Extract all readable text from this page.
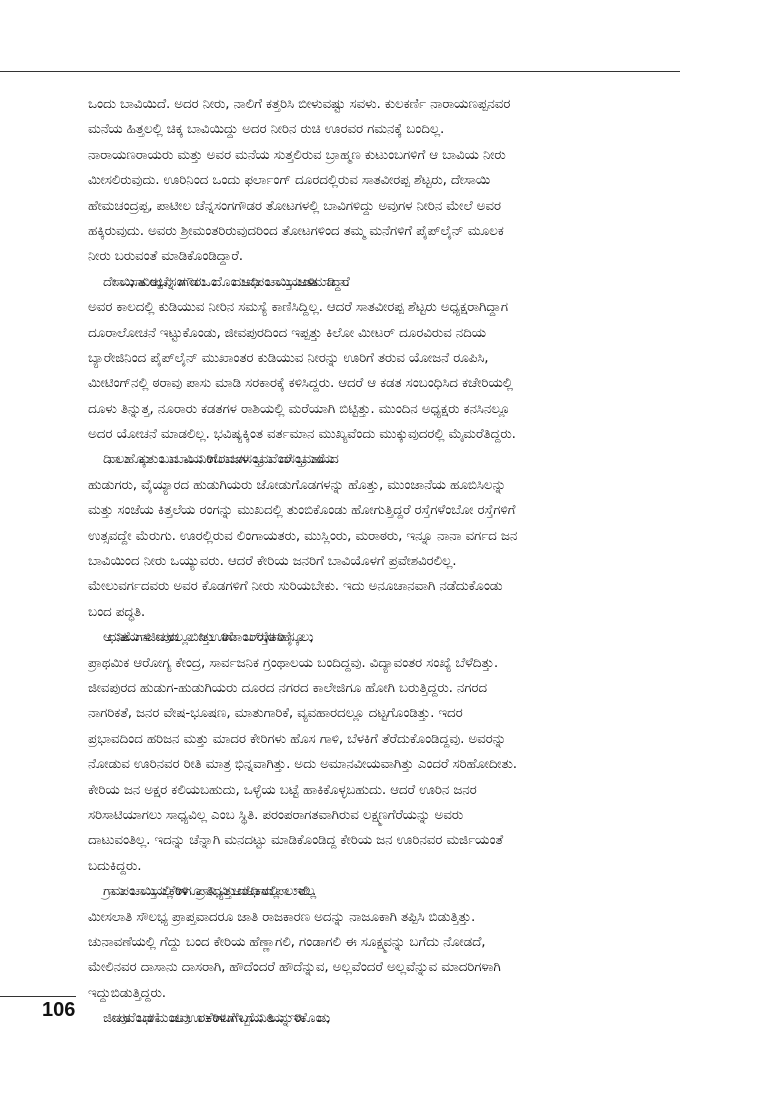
ಒಂದು ಬಾವಿಯಿದೆ. ಅದರ ನೀರು, ನಾಲಿಗೆ ಕತ್ತರಿಸಿ ಬೀಳುವಷ್ಟು ಸವಳು. ಕುಲಕರ್ಣಿ ನಾರಾಯಣಪ್ಪನವರ
ಮನೆಯ ಹಿತ್ತಲಲ್ಲಿ ಚಿಕ್ಕ ಬಾವಿಯಿದ್ದು ಅದರ ನೀರಿನ ರುಚಿ ಊರವರ ಗಮನಕ್ಕೆ ಬಂದಿಲ್ಲ.
ನಾರಾಯಣರಾಯರು ಮತ್ತು ಅವರ ಮನೆಯ ಸುತ್ತಲಿರುವ ಬ್ರಾಹ್ಮಣ ಕುಟುಂಬಗಳಿಗೆ ಆ ಬಾವಿಯ ನೀರು
ಮೀಸಲಿರುವುದು. ಊರಿನಿಂದ ಒಂದು ಫರ್ಲಾಂಗ್ ದೂರದಲ್ಲಿರುವ ಸಾತವೀರಪ್ಪ ಶೆಟ್ಟರು, ದೇಸಾಯಿ
ಹೇಮಚಂದ್ರಪ್ಪ, ಪಾಟೀಲ ಚೆನ್ನಸಂಗಗೌಡರ ತೋಟಗಳಲ್ಲಿ ಬಾವಿಗಳಿದ್ದು ಅವುಗಳ ನೀರಿನ ಮೇಲೆ ಅವರ
ಹಕ್ಕಿರುವುದು. ಅವರು ಶ್ರೀಮಂತರಿರುವುದರಿಂದ ತೋಟಗಳಿಂದ ತಮ್ಮ ಮನೆಗಳಿಗೆ ಪೈಪ್‌ಲೈನ್ ಮೂಲಕ
ನೀರು ಬರುವಂತೆ ಮಾಡಿಕೊಂಡಿದ್ದಾರೆ.
ದೇಸಾಯಿ, ಸಾತವೀರಪ್ಪ, ಚೆನ್ನಸಂಗಗೌಡರು ಒಂದೊಂದು ಅವಧಿ ಪಂಚಾಯ್ತಿಯ ಆಡಳಿತ ಮಾಡಿದ್ದಾರೆ.
ಅವರ ಕಾಲದಲ್ಲಿ ಕುಡಿಯುವ ನೀರಿನ ಸಮಸ್ಯೆ ಕಾಣಿಸಿದ್ದಿಲ್ಲ. ಆದರೆ ಸಾತವೀರಪ್ಪ ಶೆಟ್ಟರು ಅಧ್ಯಕ್ಷರಾಗಿದ್ದಾಗ
ದೂರಾಲೋಚನೆ ಇಟ್ಟುಕೊಂಡು, ಜೀವಪುರದಿಂದ ಇಪ್ಪತ್ತು ಕಿಲೋ ಮೀಟರ್ ದೂರವಿರುವ ನದಿಯ
ಬ್ಯಾರೇಜಿನಿಂದ ಪೈಪ್‌ಲೈನ್ ಮುಖಾಂತರ ಕುಡಿಯುವ ನೀರನ್ನು ಊರಿಗೆ ತರುವ ಯೋಜನೆ ರೂಪಿಸಿ,
ಮೀಟಿಂಗ್‌ನಲ್ಲಿ ಠರಾವು ಪಾಸು ಮಾಡಿ ಸರಕಾರಕ್ಕೆ ಕಳಿಸಿದ್ದರು. ಆದರೆ ಆ ಕಡತ ಸಂಬಂಧಿಸಿದ ಕಚೇರಿಯಲ್ಲಿ
ದೂಳು ತಿನ್ನುತ್ತ, ನೂರಾರು ಕಡತಗಳ ರಾಶಿಯಲ್ಲಿ ಮರೆಯಾಗಿ ಬಿಟ್ಟಿತ್ತು. ಮುಂದಿನ ಅಧ್ಯಕ್ಷರು ಕನಸಿನಲ್ಲೂ
ಅದರ ಯೋಚನೆ ಮಾಡಲಿಲ್ಲ. ಭವಿಷ್ಯಕ್ಕಿಂತ ವರ್ತಮಾನ ಮುಖ್ಯವೆಂದು ಮುಕ್ಕುವುದರಲ್ಲಿ ಮೈಮರೆತಿದ್ದರು.
ದಿನಾಲು ಹೊಕ್ಕು ತುಂಬುವ ಬಾವಿಯ ನೀರಿಗೆ ಬರುವ ಜನಗಳ ಸಂಭ್ರಮವೆಂದರೆ ಸಂಭ್ರಮ. ಹರೆಯದ
ಹುಡುಗರು, ವೈಯ್ಯಾರದ ಹುಡುಗಿಯರು ಜೋಡುಗೊಡಗಳನ್ನು ಹೊತ್ತು, ಮುಂಜಾನೆಯ ಹೂಬಿಸಿಲನ್ನು
ಮತ್ತು ಸಂಜೆಯ ಕಿತ್ತಲೆಯ ರಂಗನ್ನು ಮುಖದಲ್ಲಿ ತುಂಬಿಕೊಂಡು ಹೋಗುತ್ತಿದ್ದರೆ ರಸ್ತೆಗಳೆಂಬೋ ರಸ್ತೆಗಳಿಗೆ
ಉತ್ಸವದ್ದೇ ಮೆರುಗು. ಊರಲ್ಲಿರುವ ಲಿಂಗಾಯತರು, ಮುಸ್ಲಿಂರು, ಮರಾಠರು, ಇನ್ನೂ ನಾನಾ ವರ್ಗದ ಜನ
ಬಾವಿಯಿಂದ ನೀರು ಒಯ್ಯುವರು. ಆದರೆ ಕೇರಿಯ ಜನರಿಗೆ ಬಾವಿಯೊಳಗೆ ಪ್ರವೇಶವಿರಲಿಲ್ಲ.
ಮೇಲುವರ್ಗದವರು ಅವರ ಕೊಡಗಳಿಗೆ ನೀರು ಸುರಿಯಬೇಕು. ಇದು ಅನೂಚಾನವಾಗಿ ನಡೆದುಕೊಂಡು
ಬಂದ ಪದ್ಧತಿ.
ಆಧುನಿಕತೆಯ ಗಾಳಿ ಜೀವಪುರದಲ್ಲೂ ಬೀಸಿತ್ತು. ಊರಿಗೆ ಡಾಂಬರ್ ರಸ್ತೆ, ಸರಕಾರಿ ಹೈಸ್ಕೂಲು,
ಪ್ರಾಥಮಿಕ ಆರೋಗ್ಯ ಕೇಂದ್ರ, ಸಾರ್ವಜನಿಕ ಗ್ರಂಥಾಲಯ ಬಂದಿದ್ದವು. ವಿದ್ಯಾವಂತರ ಸಂಖ್ಯೆ ಬೆಳೆದಿತ್ತು.
ಜೀವಪುರದ ಹುಡುಗ-ಹುಡುಗಿಯರು ದೂರದ ನಗರದ ಕಾಲೇಜಿಗೂ ಹೋಗಿ ಬರುತ್ತಿದ್ದರು. ನಗರದ
ನಾಗರಿಕತೆ, ಜನರ ವೇಷ-ಭೂಷಣ, ಮಾತುಗಾರಿಕೆ, ವ್ಯವಹಾರದಲ್ಲೂ ದಟ್ಟಗೊಂಡಿತ್ತು. ಇದರ
ಪ್ರಭಾವದಿಂದ ಹರಿಜನ ಮತ್ತು ಮಾದರ ಕೇರಿಗಳು ಹೊಸ ಗಾಳಿ, ಬೆಳಕಿಗೆ ತೆರೆದುಕೊಂಡಿದ್ದವು. ಅವರನ್ನು
ನೋಡುವ ಊರಿನವರ ರೀತಿ ಮಾತ್ರ ಭಿನ್ನವಾಗಿತ್ತು. ಅದು ಅಮಾನವೀಯವಾಗಿತ್ತು ಎಂದರೆ ಸರಿಹೋದೀತು.
ಕೇರಿಯ ಜನ ಅಕ್ಷರ ಕಲಿಯಬಹುದು, ಒಳ್ಳೆಯ ಬಟ್ಟೆ ಹಾಕಿಕೊಳ್ಳಬಹುದು. ಆದರೆ ಊರಿನ ಜನರ
ಸರಿಸಾಟಿಯಾಗಲು ಸಾಧ್ಯವಿಲ್ಲ ಎಂಬ ಸ್ಥಿತಿ. ಪರಂಪರಾಗತವಾಗಿರುವ ಲಕ್ಷ್ಮಣಗೆರೆಯನ್ನು ಅವರು
ದಾಟುವಂತಿಲ್ಲ. ಇದನ್ನು ಚೆನ್ನಾಗಿ ಮನದಟ್ಟು ಮಾಡಿಕೊಂಡಿದ್ದ ಕೇರಿಯ ಜನ ಊರಿನವರ ಮರ್ಜಿಯಂತೆ
ಬದುಕಿದ್ದರು.
ಗ್ರಾಮಪಂಚಾಯ್ತಿಯಲ್ಲಿ ಕೇರಿಗಳಿಗೂ ಪ್ರಾತಿನಿಧ್ಯವಿತ್ತು. ಆದರೆ ಅಧಿಕಾರದಲ್ಲಿ ಪಾಲು ಇರಲಿಲ್ಲ.
ಮೀಸಲಾತಿ ಸೌಲಭ್ಯ ಪ್ರಾಪ್ತವಾದರೂ ಜಾತಿ ರಾಜಕಾರಣ ಅದನ್ನು ನಾಜೂಕಾಗಿ ತಪ್ಪಿಸಿ ಬಿಡುತ್ತಿತ್ತು.
ಚುನಾವಣೆಯಲ್ಲಿ ಗೆದ್ದು ಬಂದ ಕೇರಿಯ ಹೆಣ್ಣಾಗಲಿ, ಗಂಡಾಗಲಿ ಈ ಸೂಕ್ಷ್ಮವನ್ನು ಬಗೆದು ನೋಡದೆ,
ಮೇಲಿನವರ ದಾಸಾನು ದಾಸರಾಗಿ, ಹೌದೆಂದರೆ ಹೌದೆನ್ನುವ, ಅಲ್ಲವೆಂದರೆ ಅಲ್ಲವೆನ್ನುವ ಮಾದರಿಗಳಾಗಿ
ಇದ್ದುಬಿಡುತ್ತಿದ್ದರು.
ಜೀವಪುರವೆಂಬ ಧರಣಿ ಮಂಡಲವು ಊರು-ಕೇರಿಗಳ ಬಗೆಗೆ ಇಬ್ಬಗೆಯ ನೀತಿಯನ್ನು ಇರಿಸಿಕೊಂಡು,
106
